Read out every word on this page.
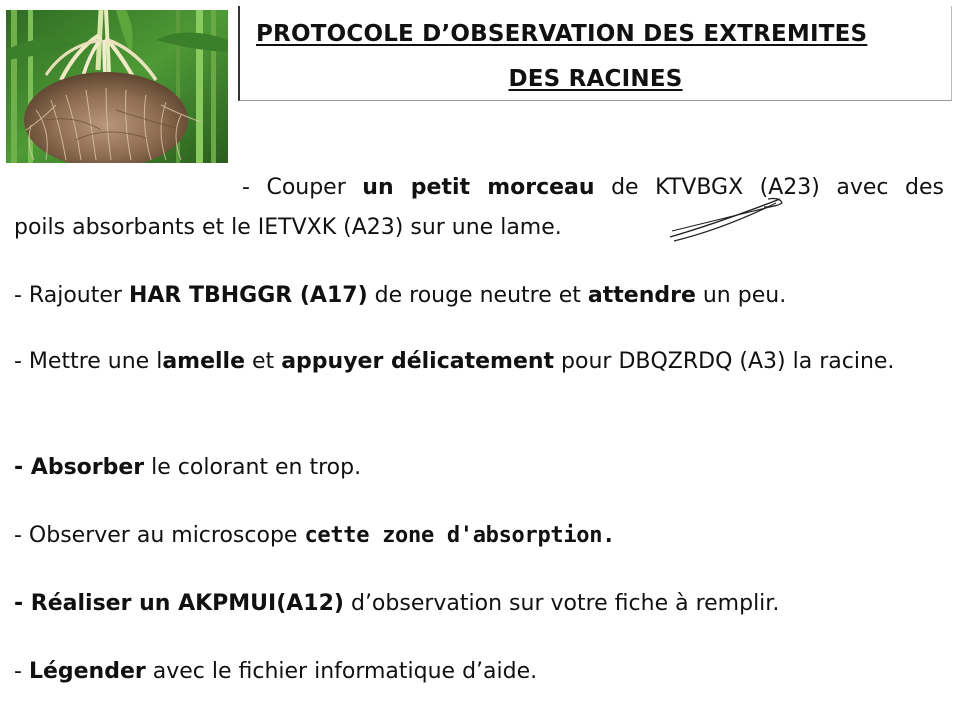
PROTOCOLE D’OBSERVATION DES EXTREMITES
DES RACINES
- Couper un petit morceau de KTVBGX (A23) avec des
poils absorbants et le IETVXK (A23) sur une lame.
- Rajouter HAR TBHGGR (A17) de rouge neutre et attendre un peu.
- Mettre une lamelle et appuyer délicatement pour DBQZRDQ (A3) la racine.
- Absorber le colorant en trop.
- Observer au microscope cette zone d'absorption.
- Réaliser un AKPMUI(A12) d’observation sur votre fiche à remplir.
- Légender avec le fichier informatique d’aide.
